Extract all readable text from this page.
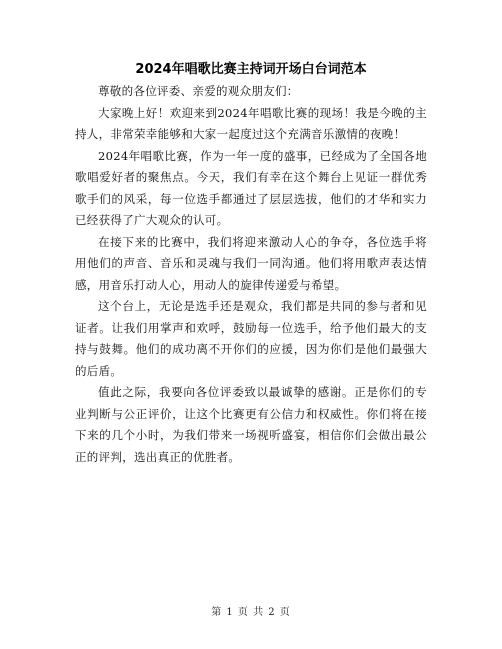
2024年唱歌比赛主持词开场白台词范本

尊敬的各位评委、亲爱的观众朋友们：

大家晚上好！欢迎来到2024年唱歌比赛的现场！我是今晚的主持人，非常荣幸能够和大家一起度过这个充满音乐激情的夜晚！

2024年唱歌比赛，作为一年一度的盛事，已经成为了全国各地歌唱爱好者的聚焦点。今天，我们有幸在这个舞台上见证一群优秀歌手们的风采，每一位选手都通过了层层选拔，他们的才华和实力已经获得了广大观众的认可。

在接下来的比赛中，我们将迎来激动人心的争夺，各位选手将用他们的声音、音乐和灵魂与我们一同沟通。他们将用歌声表达情感，用音乐打动人心，用动人的旋律传递爱与希望。

这个台上，无论是选手还是观众，我们都是共同的参与者和见证者。让我们用掌声和欢呼，鼓励每一位选手，给予他们最大的支持与鼓舞。他们的成功离不开你们的应援，因为你们是他们最强大的后盾。

值此之际，我要向各位评委致以最诚挚的感谢。正是你们的专业判断与公正评价，让这个比赛更有公信力和权威性。你们将在接下来的几个小时，为我们带来一场视听盛宴，相信你们会做出最公正的评判，选出真正的优胜者。

第 1 页 共 2 页
